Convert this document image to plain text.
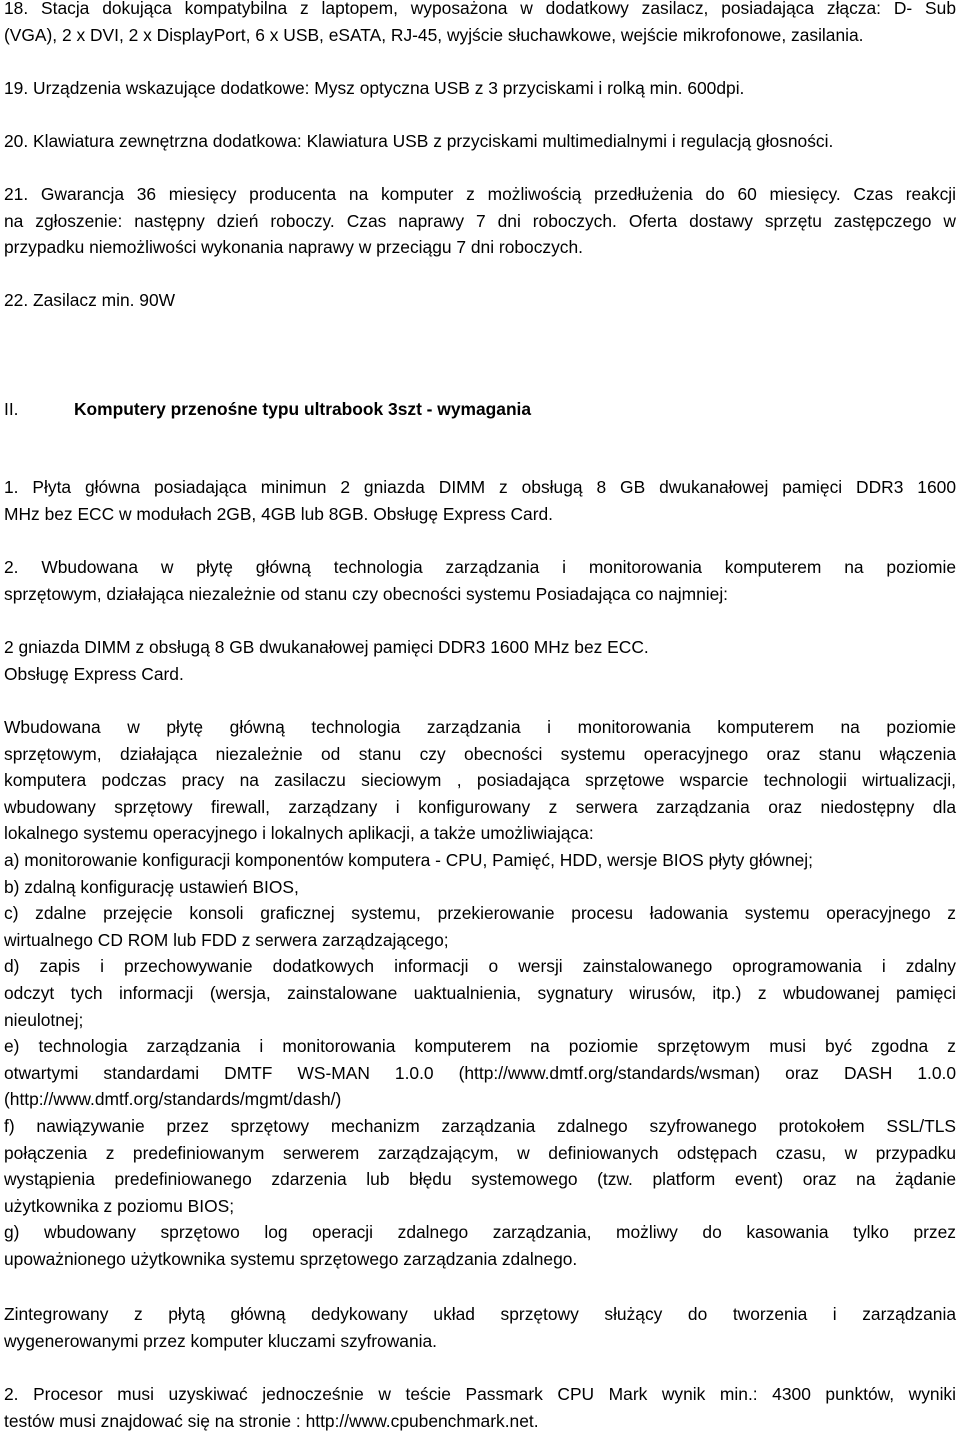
18. Stacja dokująca kompatybilna z laptopem, wyposażona w dodatkowy zasilacz, posiadająca złącza: D- Sub
(VGA), 2 x DVI, 2 x DisplayPort, 6 x USB, eSATA, RJ-45, wyjście słuchawkowe, wejście mikrofonowe, zasilania.
19. Urządzenia wskazujące dodatkowe: Mysz optyczna USB z 3 przyciskami i rolką min. 600dpi.
20. Klawiatura zewnętrzna dodatkowa: Klawiatura USB z przyciskami multimedialnymi i regulacją głosności.
21. Gwarancja 36 miesięcy producenta na komputer z możliwością przedłużenia do 60 miesięcy. Czas reakcji
na zgłoszenie: następny dzień roboczy. Czas naprawy 7 dni roboczych. Oferta dostawy sprzętu zastępczego w
przypadku niemożliwości wykonania naprawy w przeciągu 7 dni roboczych.
22. Zasilacz min. 90W
II.	Komputery przenośne typu ultrabook 3szt - wymagania
1. Płyta główna posiadająca minimun 2 gniazda DIMM z obsługą 8 GB dwukanałowej pamięci DDR3 1600
MHz bez ECC w modułach 2GB, 4GB lub 8GB. Obsługę Express Card.
2. Wbudowana w płytę główną technologia zarządzania i monitorowania komputerem na poziomie
sprzętowym, działająca niezależnie od stanu czy obecności systemu Posiadająca co najmniej:
2 gniazda DIMM z obsługą 8 GB dwukanałowej pamięci DDR3 1600 MHz bez ECC.
Obsługę Express Card.
Wbudowana w płytę główną technologia zarządzania i monitorowania komputerem na poziomie
sprzętowym, działająca niezależnie od stanu czy obecności systemu operacyjnego oraz stanu włączenia
komputera podczas pracy na zasilaczu sieciowym , posiadająca sprzętowe wsparcie technologii wirtualizacji,
wbudowany sprzętowy firewall, zarządzany i konfigurowany z serwera zarządzania oraz niedostępny dla
lokalnego systemu operacyjnego i lokalnych aplikacji, a także umożliwiająca:
a) monitorowanie konfiguracji komponentów komputera - CPU, Pamięć, HDD, wersje BIOS płyty głównej;
b) zdalną konfigurację ustawień BIOS,
c) zdalne przejęcie konsoli graficznej systemu, przekierowanie procesu ładowania systemu operacyjnego z
wirtualnego CD ROM lub FDD z serwera zarządzającego;
d) zapis i przechowywanie dodatkowych informacji o wersji zainstalowanego oprogramowania i zdalny
odczyt tych informacji (wersja, zainstalowane uaktualnienia, sygnatury wirusów, itp.) z wbudowanej pamięci
nieulotnej;
e) technologia zarządzania i monitorowania komputerem na poziomie sprzętowym musi być zgodna z
otwartymi standardami DMTF WS-MAN 1.0.0 (http://www.dmtf.org/standards/wsman) oraz DASH 1.0.0
(http://www.dmtf.org/standards/mgmt/dash/)
f) nawiązywanie przez sprzętowy mechanizm zarządzania zdalnego szyfrowanego protokołem SSL/TLS
połączenia z predefiniowanym serwerem zarządzającym, w definiowanych odstępach czasu, w przypadku
wystąpienia predefiniowanego zdarzenia lub błędu systemowego (tzw. platform event) oraz na żądanie
użytkownika z poziomu BIOS;
g) wbudowany sprzętowo log operacji zdalnego zarządzania, możliwy do kasowania tylko przez
upoważnionego użytkownika systemu sprzętowego zarządzania zdalnego.
Zintegrowany z płytą główną dedykowany układ sprzętowy służący do tworzenia i zarządzania
wygenerowanymi przez komputer kluczami szyfrowania.
2. Procesor musi uzyskiwać jednocześnie w teście Passmark CPU Mark wynik min.: 4300 punktów, wyniki
testów musi znajdować się na stronie : http://www.cpubenchmark.net.
